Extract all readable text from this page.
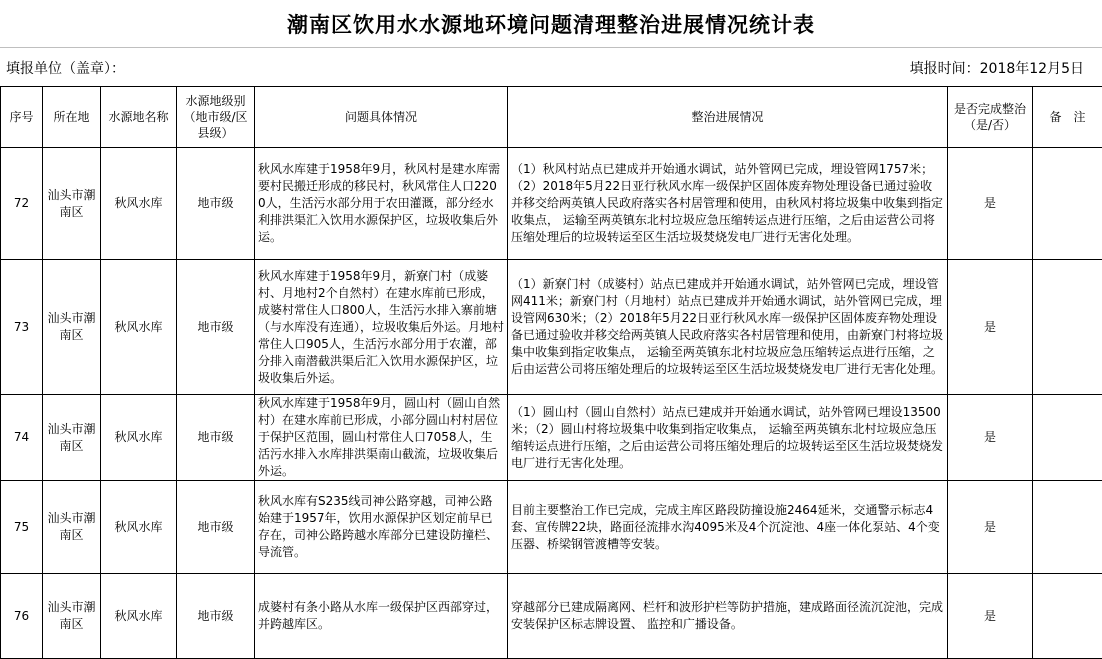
潮南区饮用水水源地环境问题清理整治进展情况统计表
填报单位（盖章）：	填报时间：2018年12月5日
序号	所在地	水源地名称	水源地级别（地市级/区县级）	问题具体情况	整治进展情况	是否完成整治（是/否）	备　注
72	汕头市潮南区	秋风水库	地市级	秋风水库建于1958年9月，秋风村是建水库需要村民搬迁形成的移民村，秋风常住人口2200人，生活污水部分用于农田灌溉，部分经水利排洪渠汇入饮用水源保护区，垃圾收集后外运。	（1）秋风村站点已建成并开始通水调试，站外管网已完成，埋设管网1757米；（2）2018年5月22日亚行秋风水库一级保护区固体废弃物处理设备已通过验收并移交给两英镇人民政府落实各村居管理和使用，由秋风村将垃圾集中收集到指定收集点， 运输至两英镇东北村垃圾应急压缩转运点进行压缩，之后由运营公司将压缩处理后的垃圾转运至区生活垃圾焚烧发电厂进行无害化处理。	是	
73	汕头市潮南区	秋风水库	地市级	秋风水库建于1958年9月，新寮门村（成婆村、月地村2个自然村）在建水库前已形成，成婆村常住人口800人，生活污水排入寨前塘（与水库没有连通），垃圾收集后外运。月地村常住人口905人，生活污水部分用于农灌，部分排入南潜截洪渠后汇入饮用水源保护区，垃圾收集后外运。	（1）新寮门村（成婆村）站点已建成并开始通水调试，站外管网已完成，埋设管网411米；新寮门村（月地村）站点已建成并开始通水调试，站外管网已完成，埋设管网630米；（2）2018年5月22日亚行秋风水库一级保护区固体废弃物处理设备已通过验收并移交给两英镇人民政府落实各村居管理和使用，由新寮门村将垃圾集中收集到指定收集点， 运输至两英镇东北村垃圾应急压缩转运点进行压缩，之后由运营公司将压缩处理后的垃圾转运至区生活垃圾焚烧发电厂进行无害化处理。	是	
74	汕头市潮南区	秋风水库	地市级	秋风水库建于1958年9月，圆山村（圆山自然村）在建水库前已形成，小部分圆山村村居位于保护区范围，圆山村常住人口7058人，生活污水排入水库排洪渠南山截流，垃圾收集后外运。	（1）圆山村（圆山自然村）站点已建成并开始通水调试，站外管网已埋设13500米；（2）圆山村将垃圾集中收集到指定收集点， 运输至两英镇东北村垃圾应急压缩转运点进行压缩，之后由运营公司将压缩处理后的垃圾转运至区生活垃圾焚烧发电厂进行无害化处理。	是	
75	汕头市潮南区	秋风水库	地市级	秋风水库有S235线司神公路穿越，司神公路始建于1957年，饮用水源保护区划定前早已存在，司神公路跨越水库部分已建设防撞栏、导流管。	目前主要整治工作已完成，完成主库区路段防撞设施2464延米，交通警示标志4套、宣传牌22块，路面径流排水沟4095米及4个沉淀池、4座一体化泵站、4个变压器、桥梁钢管渡槽等安装。	是	
76	汕头市潮南区	秋风水库	地市级	成婆村有条小路从水库一级保护区西部穿过，并跨越库区。	穿越部分已建成隔离网、栏杆和波形护栏等防护措施，建成路面径流沉淀池，完成安装保护区标志牌设置、 监控和广播设备。	是	
